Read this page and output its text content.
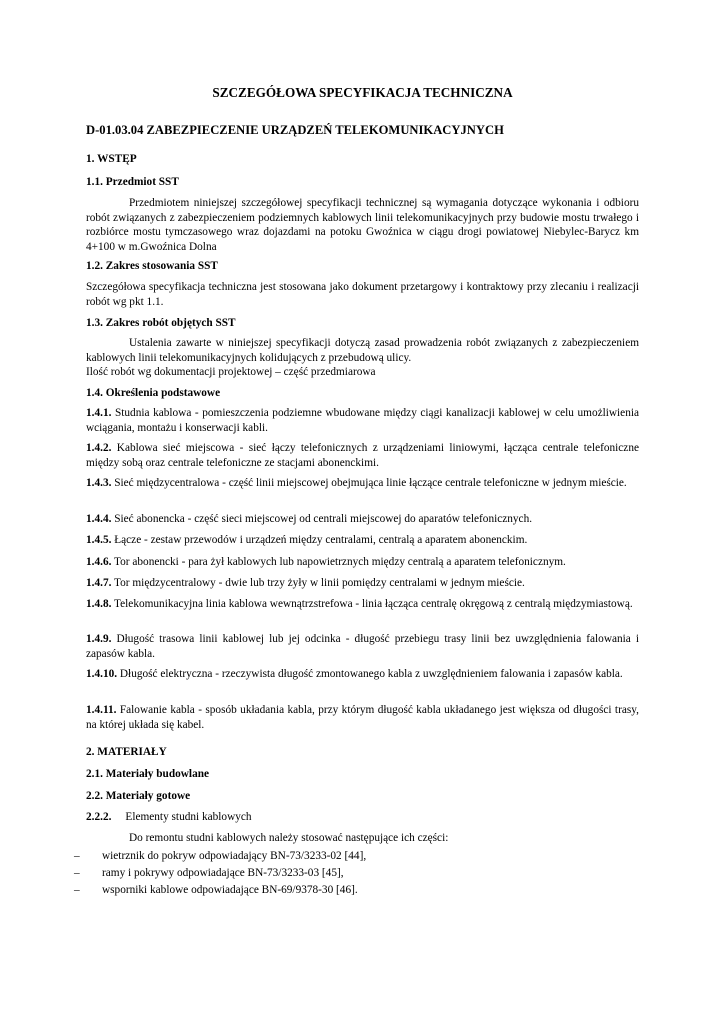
SZCZEGÓŁOWA SPECYFIKACJA TECHNICZNA
D-01.03.04 ZABEZPIECZENIE URZĄDZEŃ TELEKOMUNIKACYJNYCH
1. WSTĘP
1.1. Przedmiot SST
Przedmiotem niniejszej szczegółowej specyfikacji technicznej są wymagania dotyczące wykonania i odbioru robót związanych z zabezpieczeniem podziemnych kablowych linii telekomunikacyjnych przy budowie mostu trwałego i rozbiórce mostu tymczasowego wraz dojazdami na potoku Gwoźnica w ciągu drogi powiatowej Niebylec-Barycz km 4+100 w m.Gwoźnica Dolna
1.2. Zakres stosowania SST
Szczegółowa specyfikacja techniczna jest stosowana jako dokument przetargowy i kontraktowy przy zlecaniu i realizacji robót wg pkt 1.1.
1.3. Zakres robót objętych SST
Ustalenia zawarte w niniejszej specyfikacji dotyczą zasad prowadzenia robót związanych z zabezpieczeniem kablowych linii telekomunikacyjnych kolidujących z przebudową ulicy.
Ilość robót wg dokumentacji projektowej – część przedmiarowa
1.4. Określenia podstawowe
1.4.1. Studnia kablowa - pomieszczenia podziemne wbudowane między ciągi kanalizacji kablowej w celu umożliwienia wciągania, montażu i konserwacji kabli.
1.4.2. Kablowa sieć miejscowa - sieć łączy telefonicznych z urządzeniami liniowymi, łącząca centrale telefoniczne między sobą oraz centrale telefoniczne ze stacjami abonenckimi.
1.4.3. Sieć międzycentralowa - część linii miejscowej obejmująca linie łączące centrale telefoniczne w jednym mieście.
1.4.4. Sieć abonencka - część sieci miejscowej od centrali miejscowej do aparatów telefonicznych.
1.4.5. Łącze - zestaw przewodów i urządzeń między centralami, centralą a aparatem abonenckim.
1.4.6. Tor abonencki - para żył kablowych lub napowietrznych między centralą a aparatem telefonicznym.
1.4.7. Tor międzycentralowy - dwie lub trzy żyły w linii pomiędzy centralami w jednym mieście.
1.4.8. Telekomunikacyjna linia kablowa wewnątrzstrefowa - linia łącząca centralę okręgową z centralą międzymiastową.
1.4.9. Długość trasowa linii kablowej lub jej odcinka - długość przebiegu trasy linii bez uwzględnienia falowania i zapasów kabla.
1.4.10. Długość elektryczna - rzeczywista długość zmontowanego kabla z uwzględnieniem falowania i zapasów kabla.
1.4.11. Falowanie kabla - sposób układania kabla, przy którym długość kabla układanego jest większa od długości trasy, na której układa się kabel.
2. MATERIAŁY
2.1. Materiały budowlane
2.2. Materiały gotowe
2.2.2. Elementy studni kablowych
Do remontu studni kablowych należy stosować następujące ich części:
– wietrznik do pokryw odpowiadający BN-73/3233-02 [44],
– ramy i pokrywy odpowiadające BN-73/3233-03 [45],
– wsporniki kablowe odpowiadające BN-69/9378-30 [46].
